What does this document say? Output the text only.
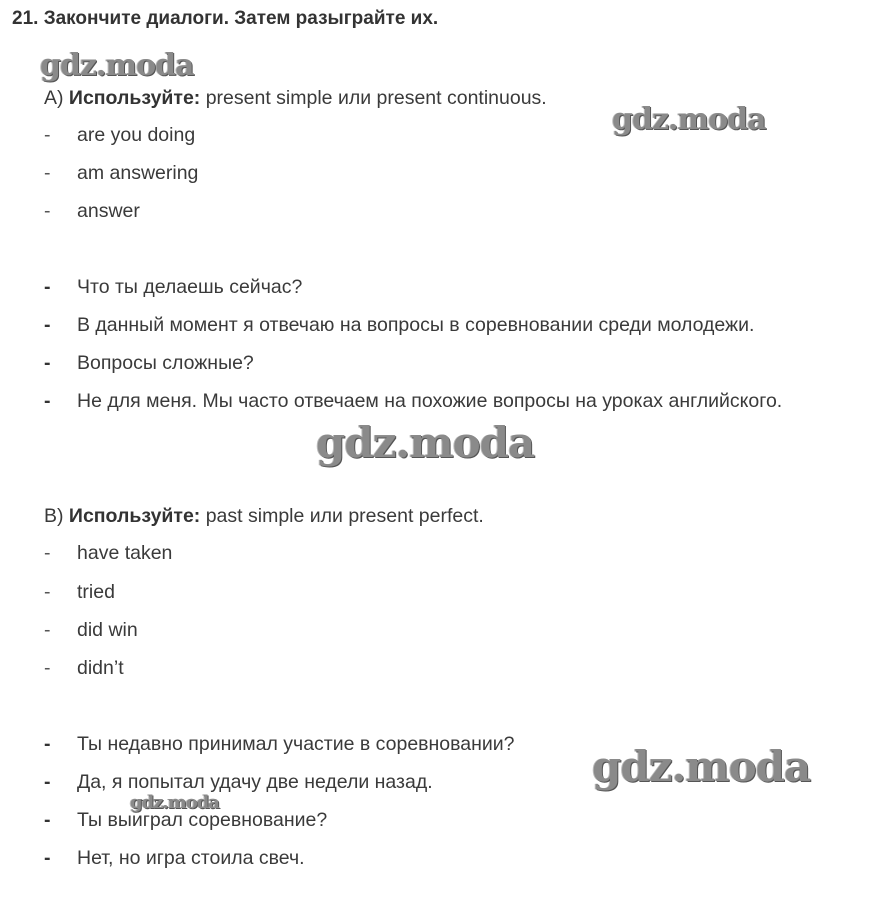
21. Закончите диалоги. Затем разыграйте их.
gdz.moda
gdz.moda
gdz.moda
gdz.moda
gdz.moda
A) Используйте: present simple или present continuous.
- are you doing
- am answering
- answer
- Что ты делаешь сейчас?
- В данный момент я отвечаю на вопросы в соревновании среди молодежи.
- Вопросы сложные?
- Не для меня. Мы часто отвечаем на похожие вопросы на уроках английского.
B) Используйте: past simple или present perfect.
- have taken
- tried
- did win
- didn’t
- Ты недавно принимал участие в соревновании?
- Да, я попытал удачу две недели назад.
- Ты выиграл соревнование?
- Нет, но игра стоила свеч.
